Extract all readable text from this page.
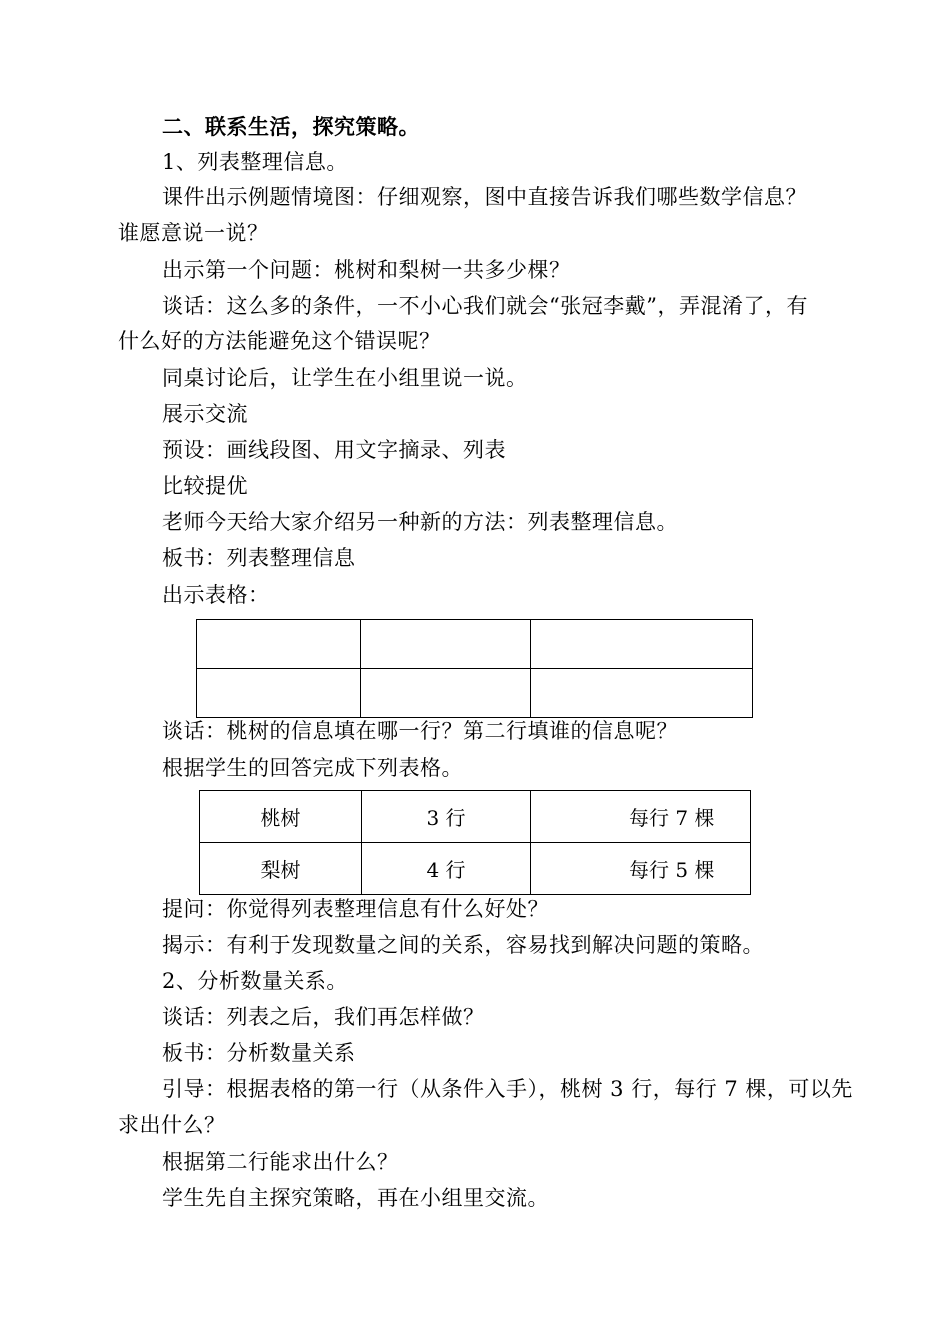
二、联系生活，探究策略。
1、列表整理信息。
课件出示例题情境图：仔细观察，图中直接告诉我们哪些数学信息？
谁愿意说一说？
出示第一个问题：桃树和梨树一共多少棵？
谈话：这么多的条件，一不小心我们就会“张冠李戴”，弄混淆了，有
什么好的方法能避免这个错误呢？
同桌讨论后，让学生在小组里说一说。
展示交流
预设：画线段图、用文字摘录、列表
比较提优
老师今天给大家介绍另一种新的方法：列表整理信息。
板书：列表整理信息
出示表格：

谈话：桃树的信息填在哪一行？第二行填谁的信息呢？
根据学生的回答完成下列表格。
桃树	3 行	每行 7 棵
梨树	4 行	每行 5 棵
提问：你觉得列表整理信息有什么好处？
揭示：有利于发现数量之间的关系，容易找到解决问题的策略。
2、分析数量关系。
谈话：列表之后，我们再怎样做？
板书：分析数量关系
引导：根据表格的第一行（从条件入手），桃树 3 行，每行 7 棵，可以先
求出什么？
根据第二行能求出什么？
学生先自主探究策略，再在小组里交流。
